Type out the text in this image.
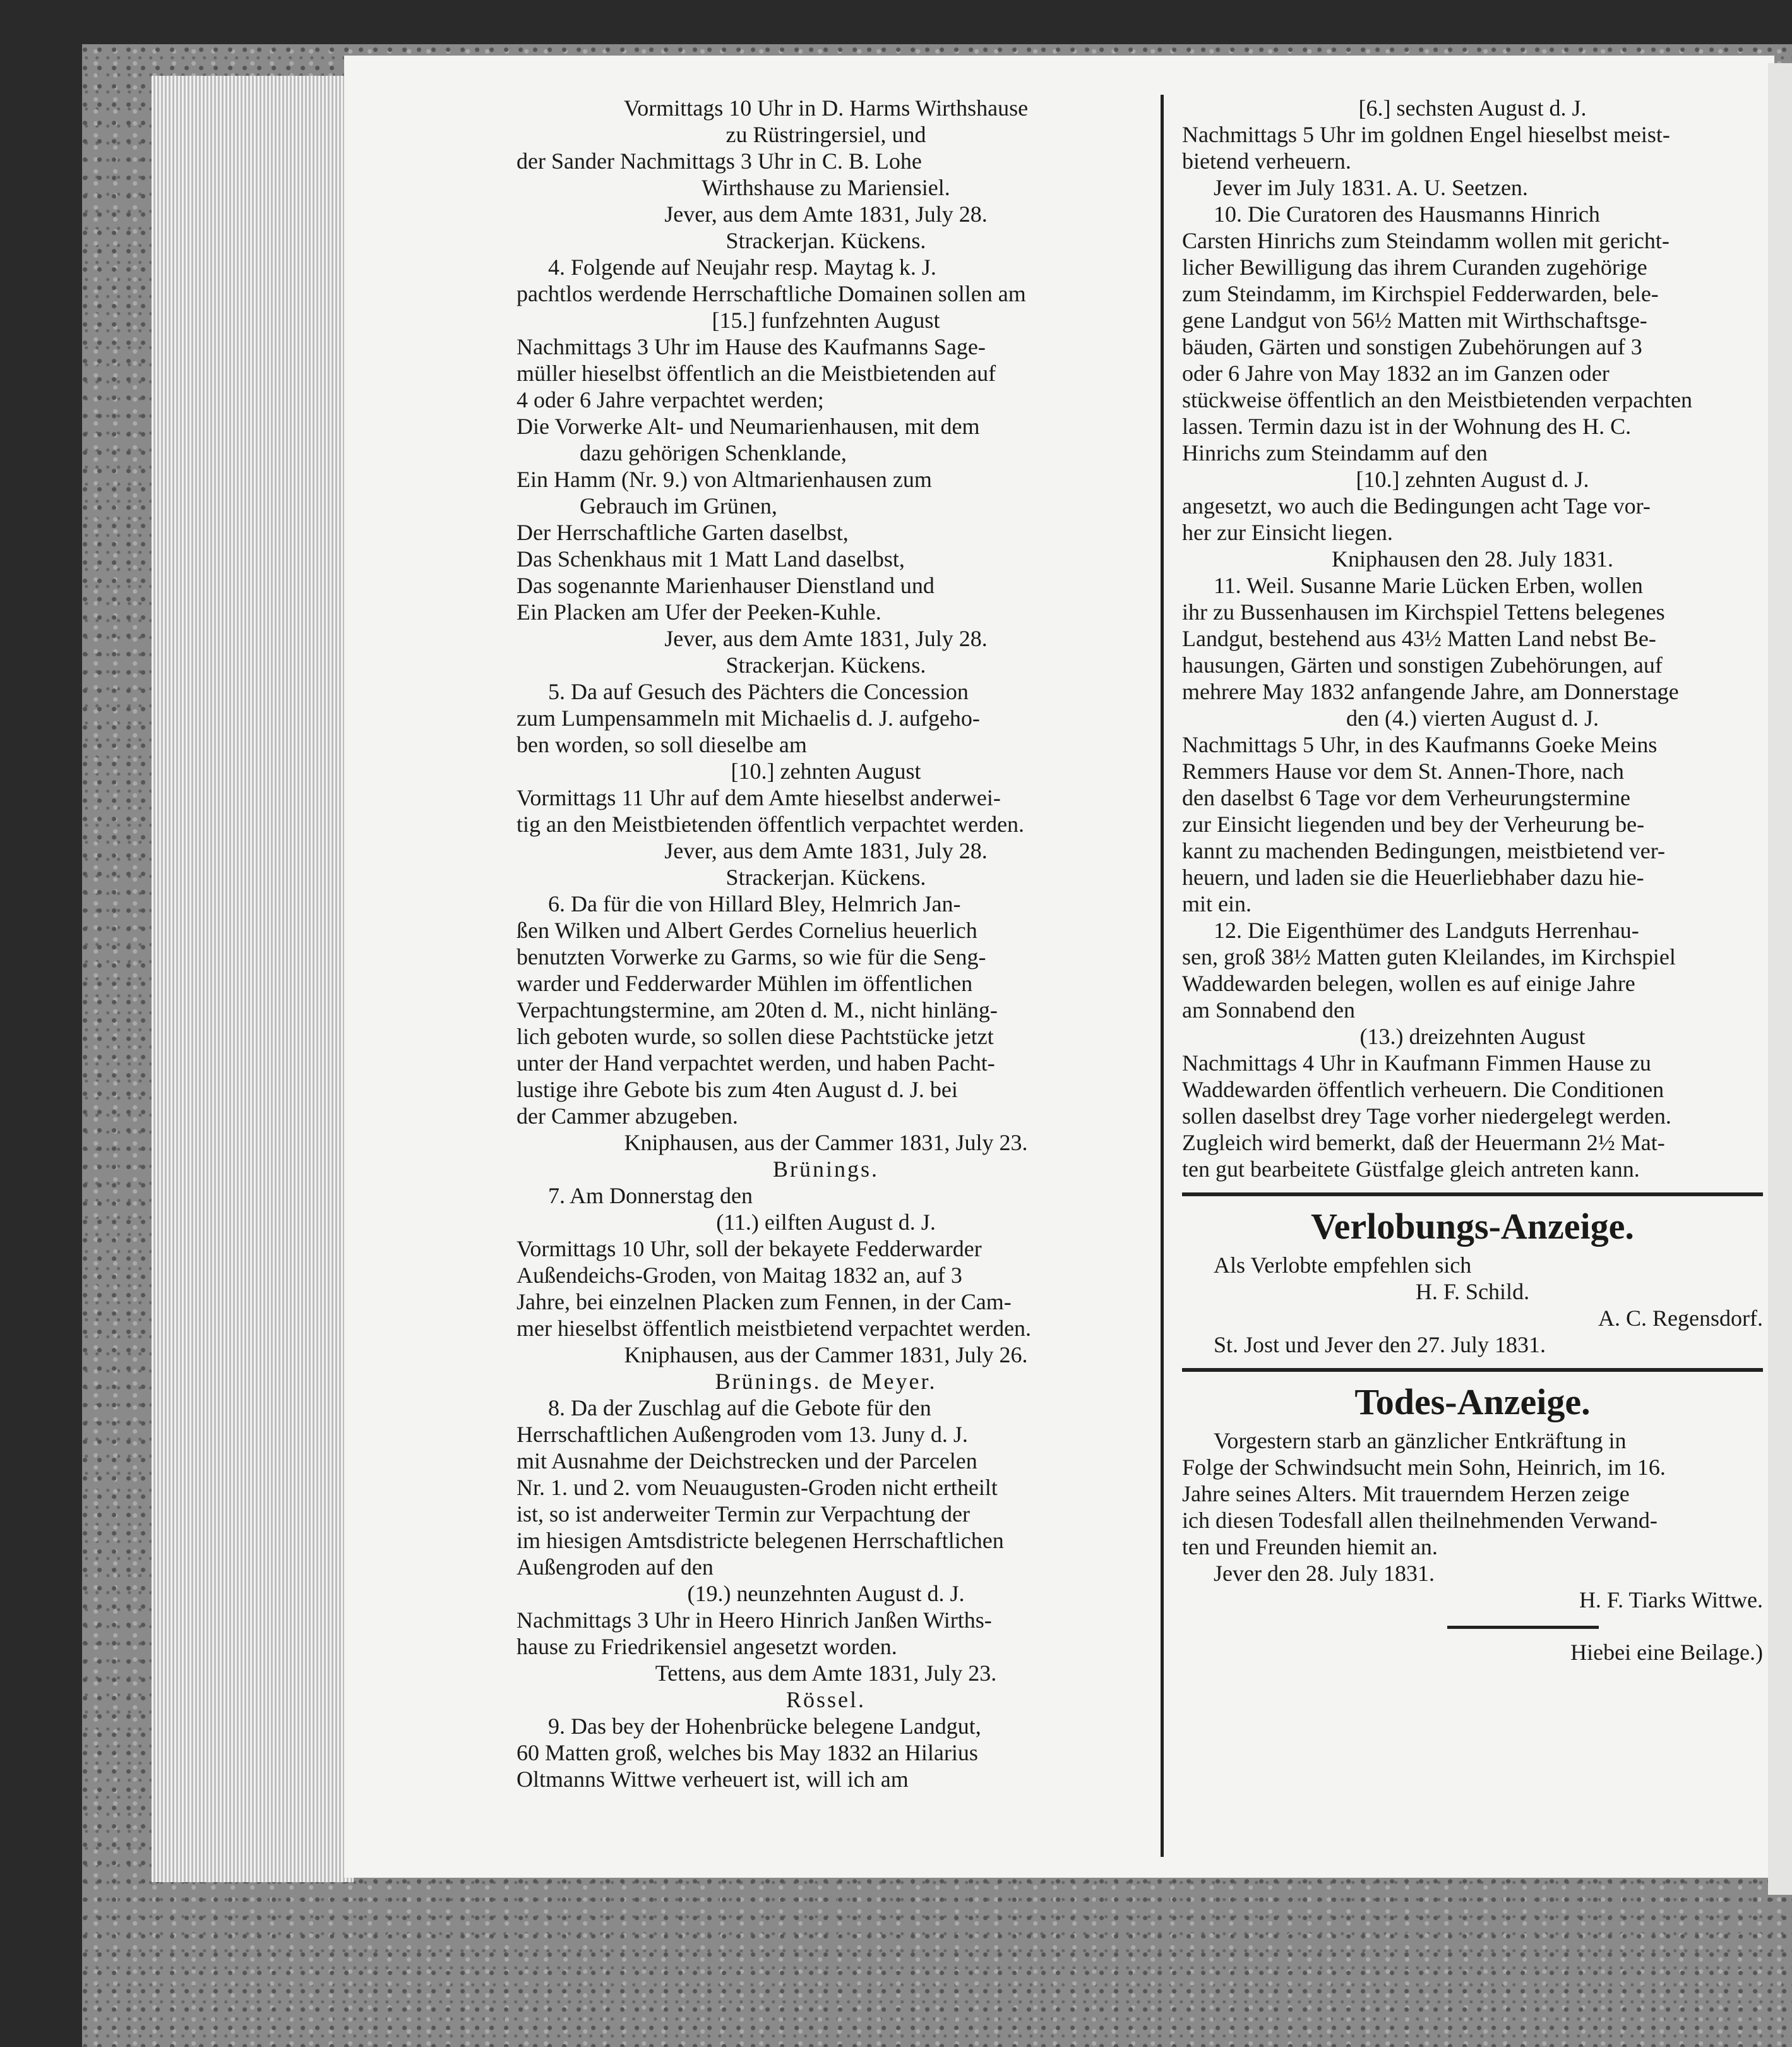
Vormittags 10 Uhr in D. Harms Wirthshause

zu Rüstringersiel, und

der Sander Nachmittags 3 Uhr in C. B. Lohe

Wirthshause zu Mariensiel.

Jever, aus dem Amte 1831, July 28.

Strackerjan. Kückens.

4. Folgende auf Neujahr resp. Maytag k. J.

pachtlos werdende Herrschaftliche Domainen sollen am

[15.] funfzehnten August

Nachmittags 3 Uhr im Hause des Kaufmanns Sage-

müller hieselbst öffentlich an die Meistbietenden auf

4 oder 6 Jahre verpachtet werden;

Die Vorwerke Alt- und Neumarienhausen, mit dem

dazu gehörigen Schenklande,

Ein Hamm (Nr. 9.) von Altmarienhausen zum

Gebrauch im Grünen,

Der Herrschaftliche Garten daselbst,

Das Schenkhaus mit 1 Matt Land daselbst,

Das sogenannte Marienhauser Dienstland und

Ein Placken am Ufer der Peeken-Kuhle.

Jever, aus dem Amte 1831, July 28.

Strackerjan. Kückens.

5. Da auf Gesuch des Pächters die Concession

zum Lumpensammeln mit Michaelis d. J. aufgeho-

ben worden, so soll dieselbe am

[10.] zehnten August

Vormittags 11 Uhr auf dem Amte hieselbst anderwei-

tig an den Meistbietenden öffentlich verpachtet werden.

Jever, aus dem Amte 1831, July 28.

Strackerjan. Kückens.

6. Da für die von Hillard Bley, Helmrich Jan-

ßen Wilken und Albert Gerdes Cornelius heuerlich

benutzten Vorwerke zu Garms, so wie für die Seng-

warder und Fedderwarder Mühlen im öffentlichen

Verpachtungstermine, am 20ten d. M., nicht hinläng-

lich geboten wurde, so sollen diese Pachtstücke jetzt

unter der Hand verpachtet werden, und haben Pacht-

lustige ihre Gebote bis zum 4ten August d. J. bei

der Cammer abzugeben.

Kniphausen, aus der Cammer 1831, July 23.

Brünings.

7. Am Donnerstag den

(11.) eilften August d. J.

Vormittags 10 Uhr, soll der bekayete Fedderwarder

Außendeichs-Groden, von Maitag 1832 an, auf 3

Jahre, bei einzelnen Placken zum Fennen, in der Cam-

mer hieselbst öffentlich meistbietend verpachtet werden.

Kniphausen, aus der Cammer 1831, July 26.

Brünings. de Meyer.

8. Da der Zuschlag auf die Gebote für den

Herrschaftlichen Außengroden vom 13. Juny d. J.

mit Ausnahme der Deichstrecken und der Parcelen

Nr. 1. und 2. vom Neuaugusten-Groden nicht ertheilt

ist, so ist anderweiter Termin zur Verpachtung der

im hiesigen Amtsdistricte belegenen Herrschaftlichen

Außengroden auf den

(19.) neunzehnten August d. J.

Nachmittags 3 Uhr in Heero Hinrich Janßen Wirths-

hause zu Friedrikensiel angesetzt worden.

Tettens, aus dem Amte 1831, July 23.

Rössel.

9. Das bey der Hohenbrücke belegene Landgut,

60 Matten groß, welches bis May 1832 an Hilarius

Oltmanns Wittwe verheuert ist, will ich am

[6.] sechsten August d. J.

Nachmittags 5 Uhr im goldnen Engel hieselbst meist-

bietend verheuern.

Jever im July 1831. A. U. Seetzen.

10. Die Curatoren des Hausmanns Hinrich

Carsten Hinrichs zum Steindamm wollen mit gericht-

licher Bewilligung das ihrem Curanden zugehörige

zum Steindamm, im Kirchspiel Fedderwarden, bele-

gene Landgut von 56½ Matten mit Wirthschaftsge-

bäuden, Gärten und sonstigen Zubehörungen auf 3

oder 6 Jahre von May 1832 an im Ganzen oder

stückweise öffentlich an den Meistbietenden verpachten

lassen. Termin dazu ist in der Wohnung des H. C.

Hinrichs zum Steindamm auf den

[10.] zehnten August d. J.

angesetzt, wo auch die Bedingungen acht Tage vor-

her zur Einsicht liegen.

Kniphausen den 28. July 1831.

11. Weil. Susanne Marie Lücken Erben, wollen

ihr zu Bussenhausen im Kirchspiel Tettens belegenes

Landgut, bestehend aus 43½ Matten Land nebst Be-

hausungen, Gärten und sonstigen Zubehörungen, auf

mehrere May 1832 anfangende Jahre, am Donnerstage

den (4.) vierten August d. J.

Nachmittags 5 Uhr, in des Kaufmanns Goeke Meins

Remmers Hause vor dem St. Annen-Thore, nach

den daselbst 6 Tage vor dem Verheurungstermine

zur Einsicht liegenden und bey der Verheurung be-

kannt zu machenden Bedingungen, meistbietend ver-

heuern, und laden sie die Heuerliebhaber dazu hie-

mit ein.

12. Die Eigenthümer des Landguts Herrenhau-

sen, groß 38½ Matten guten Kleilandes, im Kirchspiel

Waddewarden belegen, wollen es auf einige Jahre

am Sonnabend den

(13.) dreizehnten August

Nachmittags 4 Uhr in Kaufmann Fimmen Hause zu

Waddewarden öffentlich verheuern. Die Conditionen

sollen daselbst drey Tage vorher niedergelegt werden.

Zugleich wird bemerkt, daß der Heuermann 2½ Mat-

ten gut bearbeitete Güstfalge gleich antreten kann.

Verlobungs-Anzeige.

Als Verlobte empfehlen sich

H. F. Schild.

A. C. Regensdorf.

St. Jost und Jever den 27. July 1831.

Todes-Anzeige.

Vorgestern starb an gänzlicher Entkräftung in

Folge der Schwindsucht mein Sohn, Heinrich, im 16.

Jahre seines Alters. Mit trauerndem Herzen zeige

ich diesen Todesfall allen theilnehmenden Verwand-

ten und Freunden hiemit an.

Jever den 28. July 1831.

H. F. Tiarks Wittwe.

Hiebei eine Beilage.)
